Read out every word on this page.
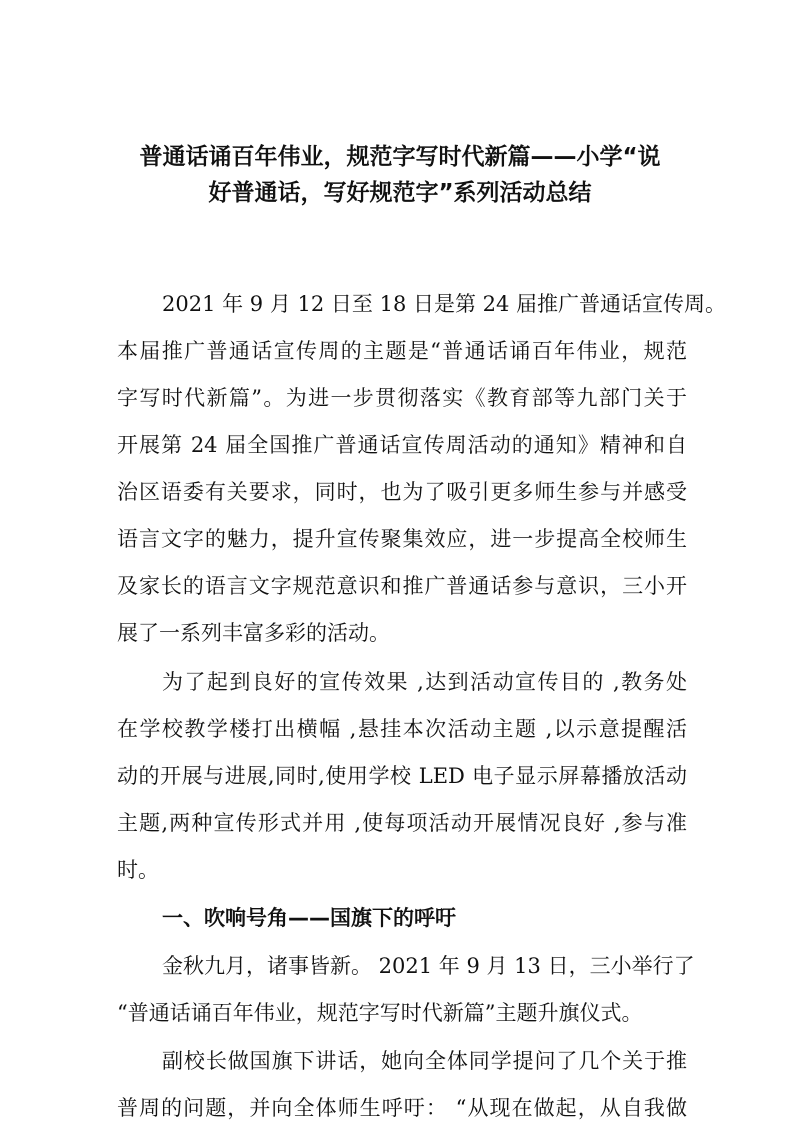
普通话诵百年伟业，规范字写时代新篇——小学“说
好普通话，写好规范字”系列活动总结
2021 年 9 月 12 日至 18 日是第 24 届推广普通话宣传周。
本届推广普通话宣传周的主题是“普通话诵百年伟业，规范
字写时代新篇”。为进一步贯彻落实《教育部等九部门关于
开展第 24 届全国推广普通话宣传周活动的通知》精神和自
治区语委有关要求，同时，也为了吸引更多师生参与并感受
语言文字的魅力，提升宣传聚集效应，进一步提高全校师生
及家长的语言文字规范意识和推广普通话参与意识，三小开
展了一系列丰富多彩的活动。
为了起到良好的宣传效果 ,达到活动宣传目的 ,教务处
在学校教学楼打出横幅 ,悬挂本次活动主题 ,以示意提醒活
动的开展与进展,同时,使用学校 LED 电子显示屏幕播放活动
主题,两种宣传形式并用 ,使每项活动开展情况良好 ,参与准
时。
一、吹响号角——国旗下的呼吁
金秋九月，诸事皆新。 2021 年 9 月 13 日，三小举行了
“普通话诵百年伟业，规范字写时代新篇”主题升旗仪式。
副校长做国旗下讲话，她向全体同学提问了几个关于推
普周的问题，并向全体师生呼吁： “从现在做起，从自我做
